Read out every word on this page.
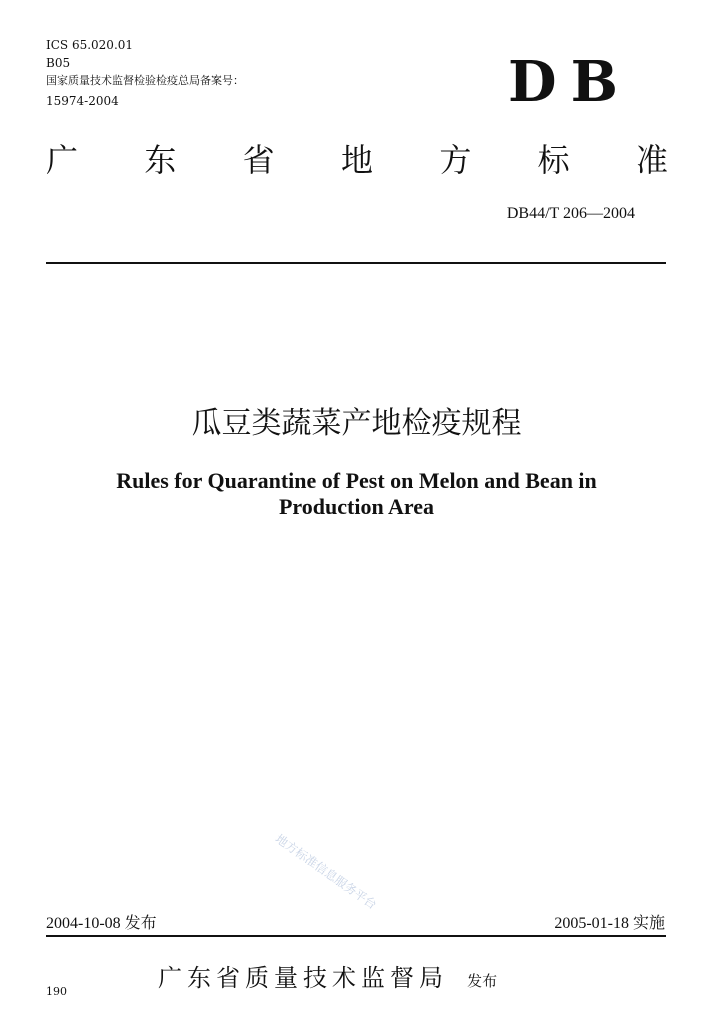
ICS 65.020.01
B05
国家质量技术监督检验检疫总局备案号：
15974-2004	DB
广 东 省 地 方 标 准
DB44/T 206—2004
瓜豆类蔬菜产地检疫规程
Rules for Quarantine of Pest on Melon and Bean in
Production Area
地方标准信息服务平台
2004-10-08 发布	2005-01-18 实施
广东省质量技术监督局 发布
190
